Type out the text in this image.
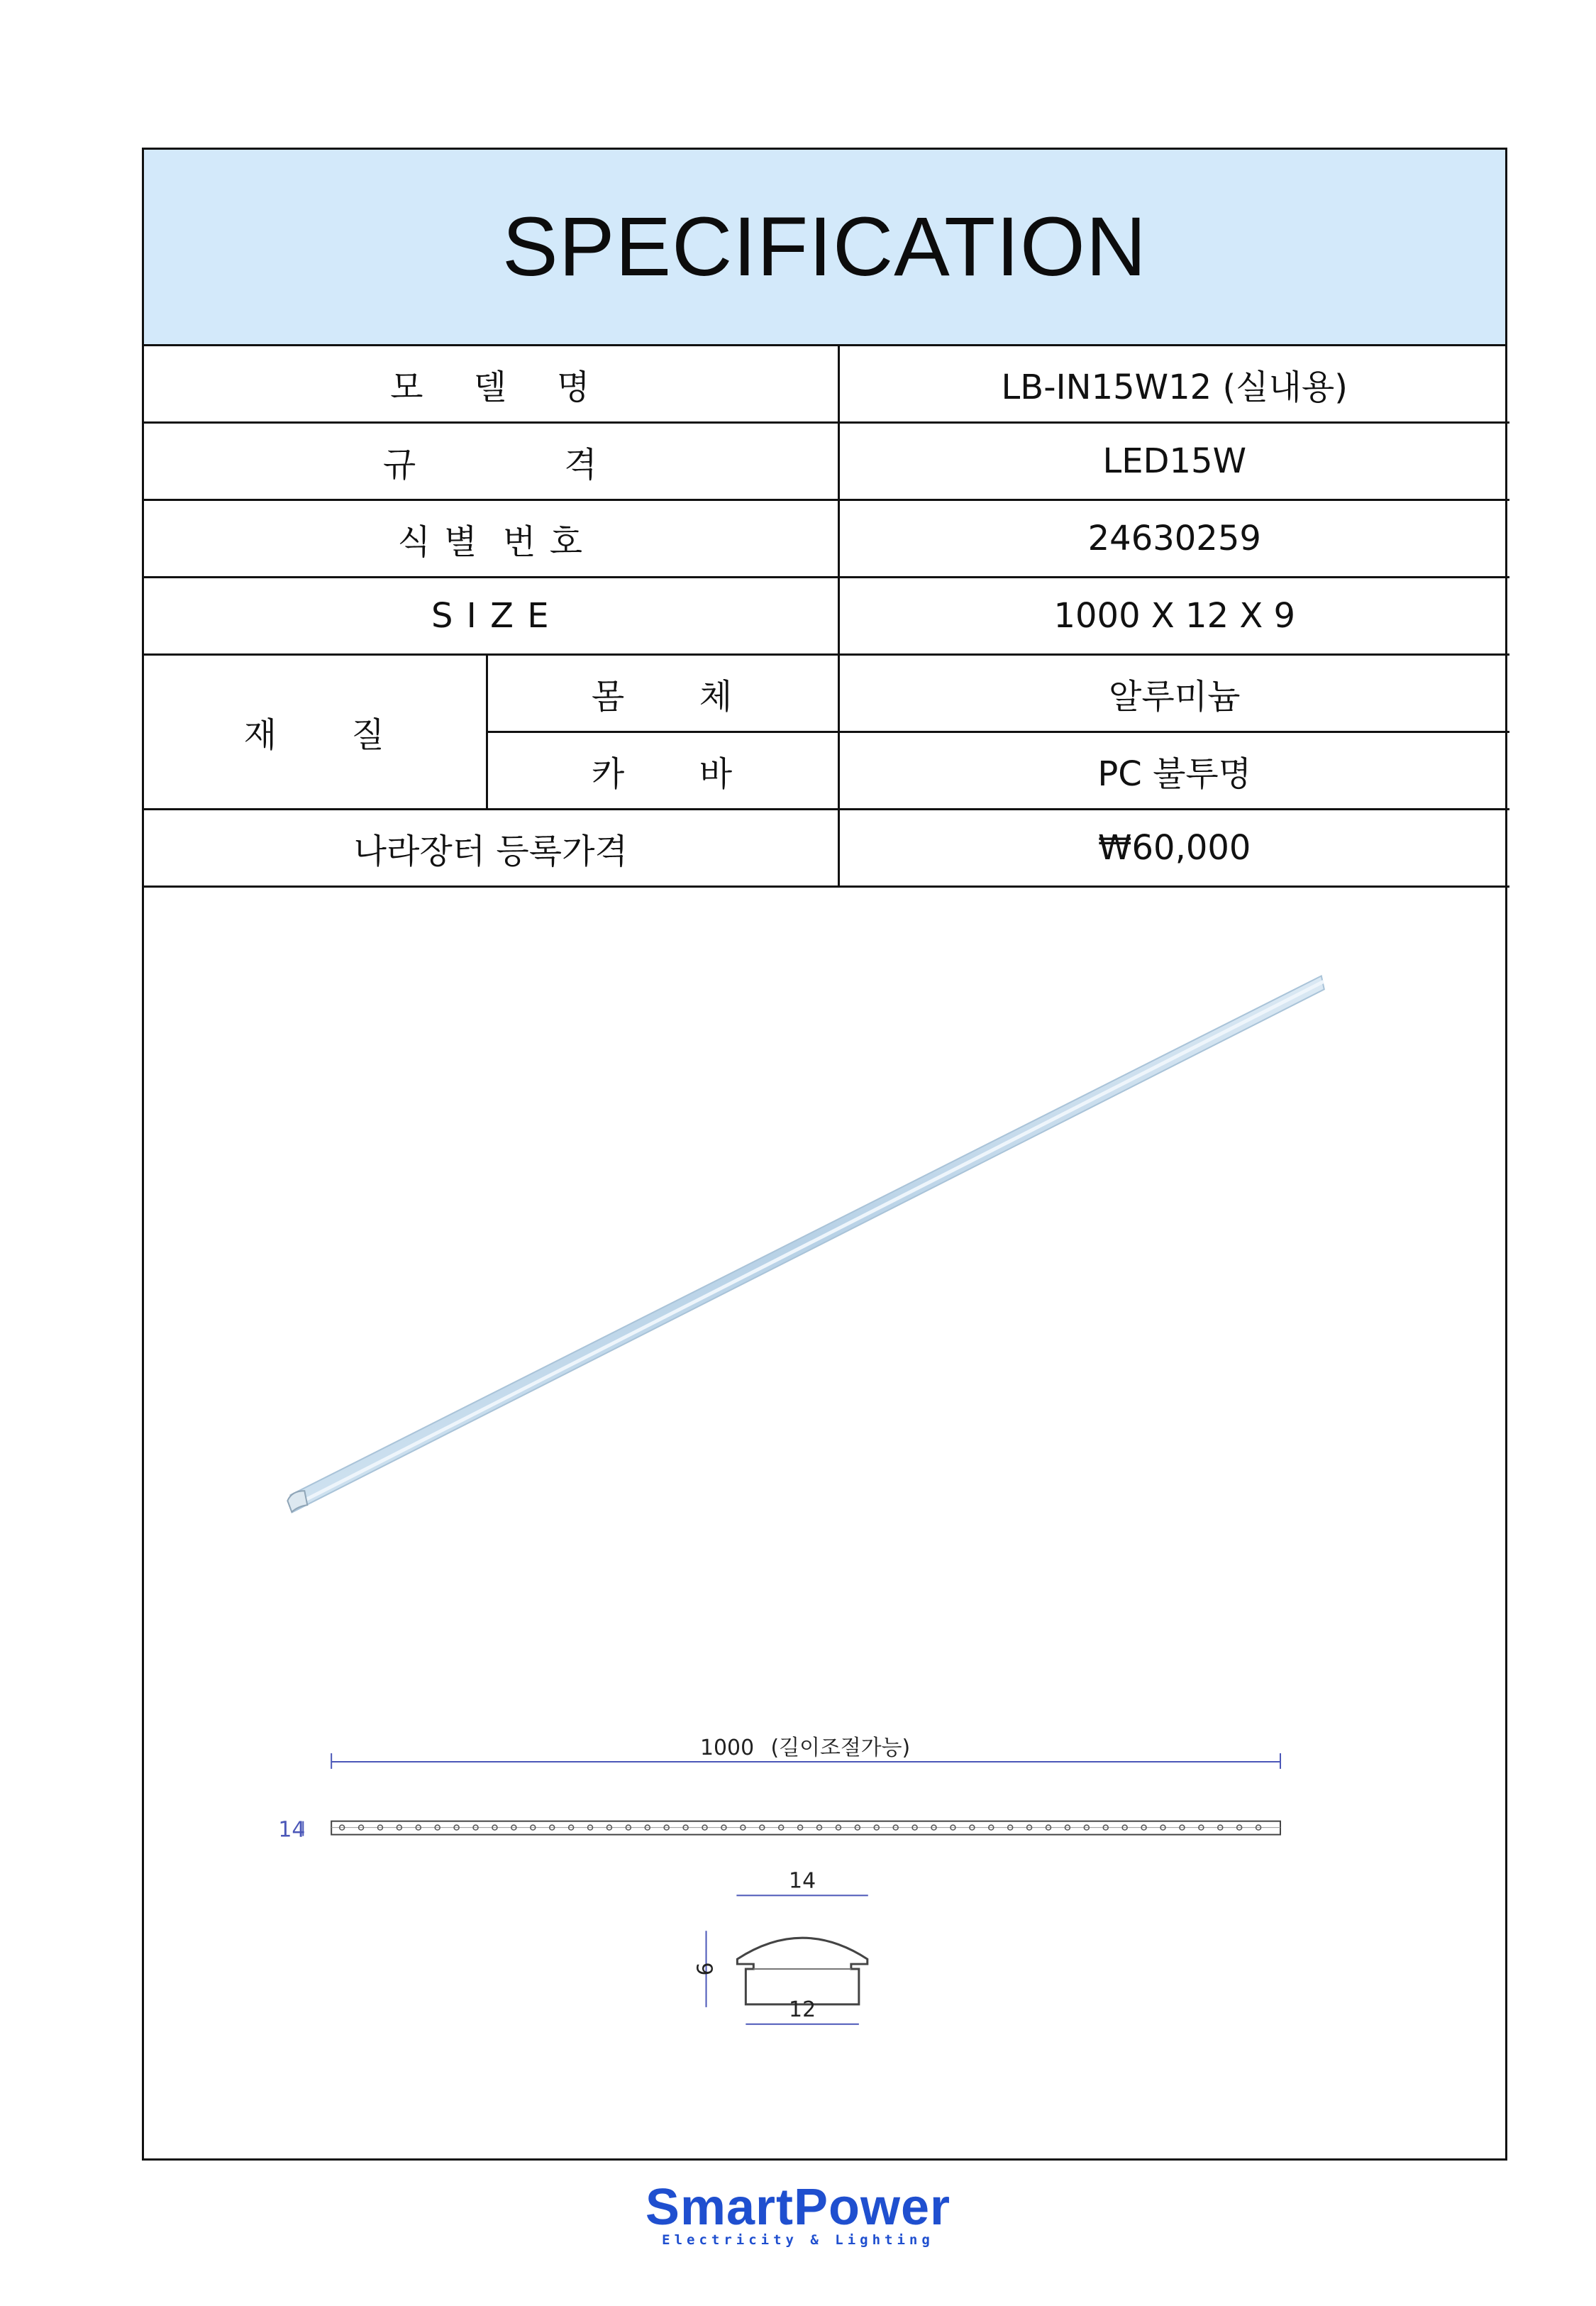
SPECIFICATION
모    델    명		LB-IN15W12 (실내용)
규            격		LED15W
식 별  번 호		24630259
S I Z E		1000 X 12 X 9
재      질	몸      체	알루미늄
	카      바	PC 불투명
나라장터 등록가격		₩60,000
1000 (길이조절가능)
14
14
9
12
SmartPower
Electricity & Lighting
